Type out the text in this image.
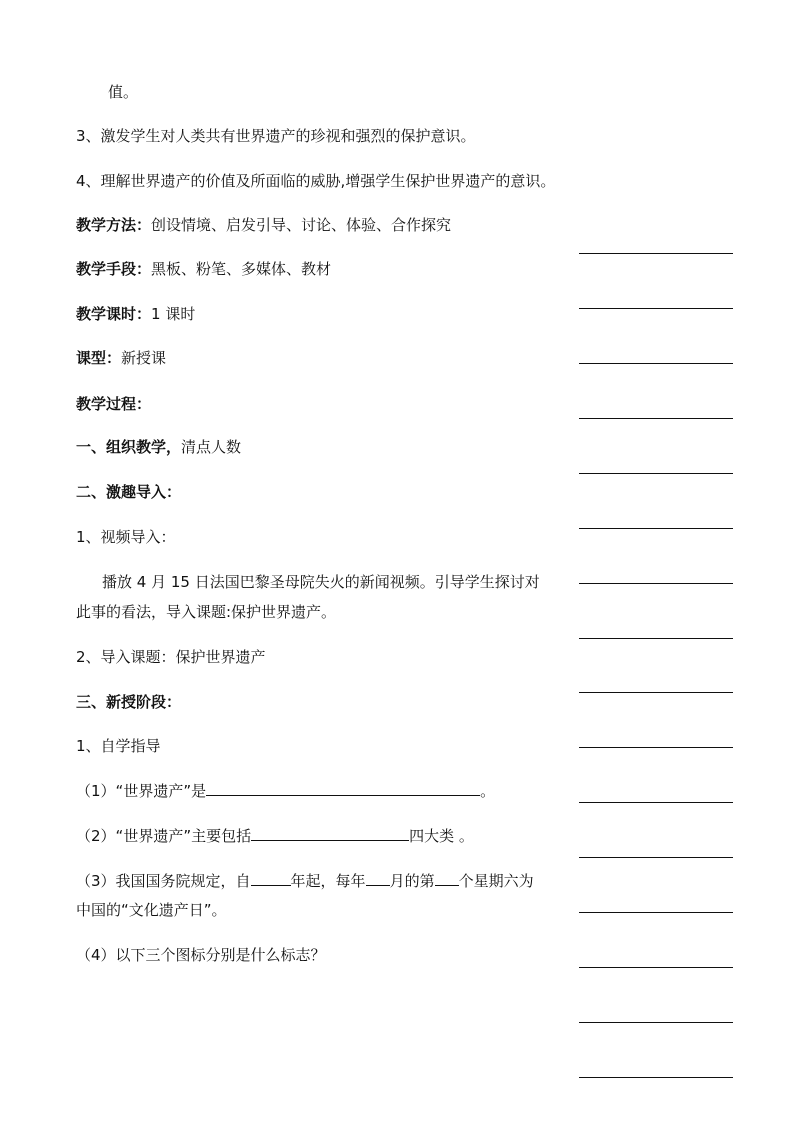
值。
3、激发学生对人类共有世界遗产的珍视和强烈的保护意识。
4、理解世界遗产的价值及所面临的威胁,增强学生保护世界遗产的意识。
教学方法：创设情境、启发引导、讨论、体验、合作探究
教学手段：黑板、粉笔、多媒体、教材
教学课时：1 课时
课型：新授课
教学过程：
一、组织教学，清点人数
二、激趣导入：
1、视频导入：
播放 4 月 15 日法国巴黎圣母院失火的新闻视频。引导学生探讨对
此事的看法，导入课题:保护世界遗产。
2、导入课题：保护世界遗产
三、新授阶段：
1、自学指导
（1）“世界遗产”是	。
（2）“世界遗产”主要包括	四大类 。
（3）我国国务院规定，自	年起，每年 月的第 个星期六为
中国的“文化遗产日”。
（4）以下三个图标分别是什么标志？
